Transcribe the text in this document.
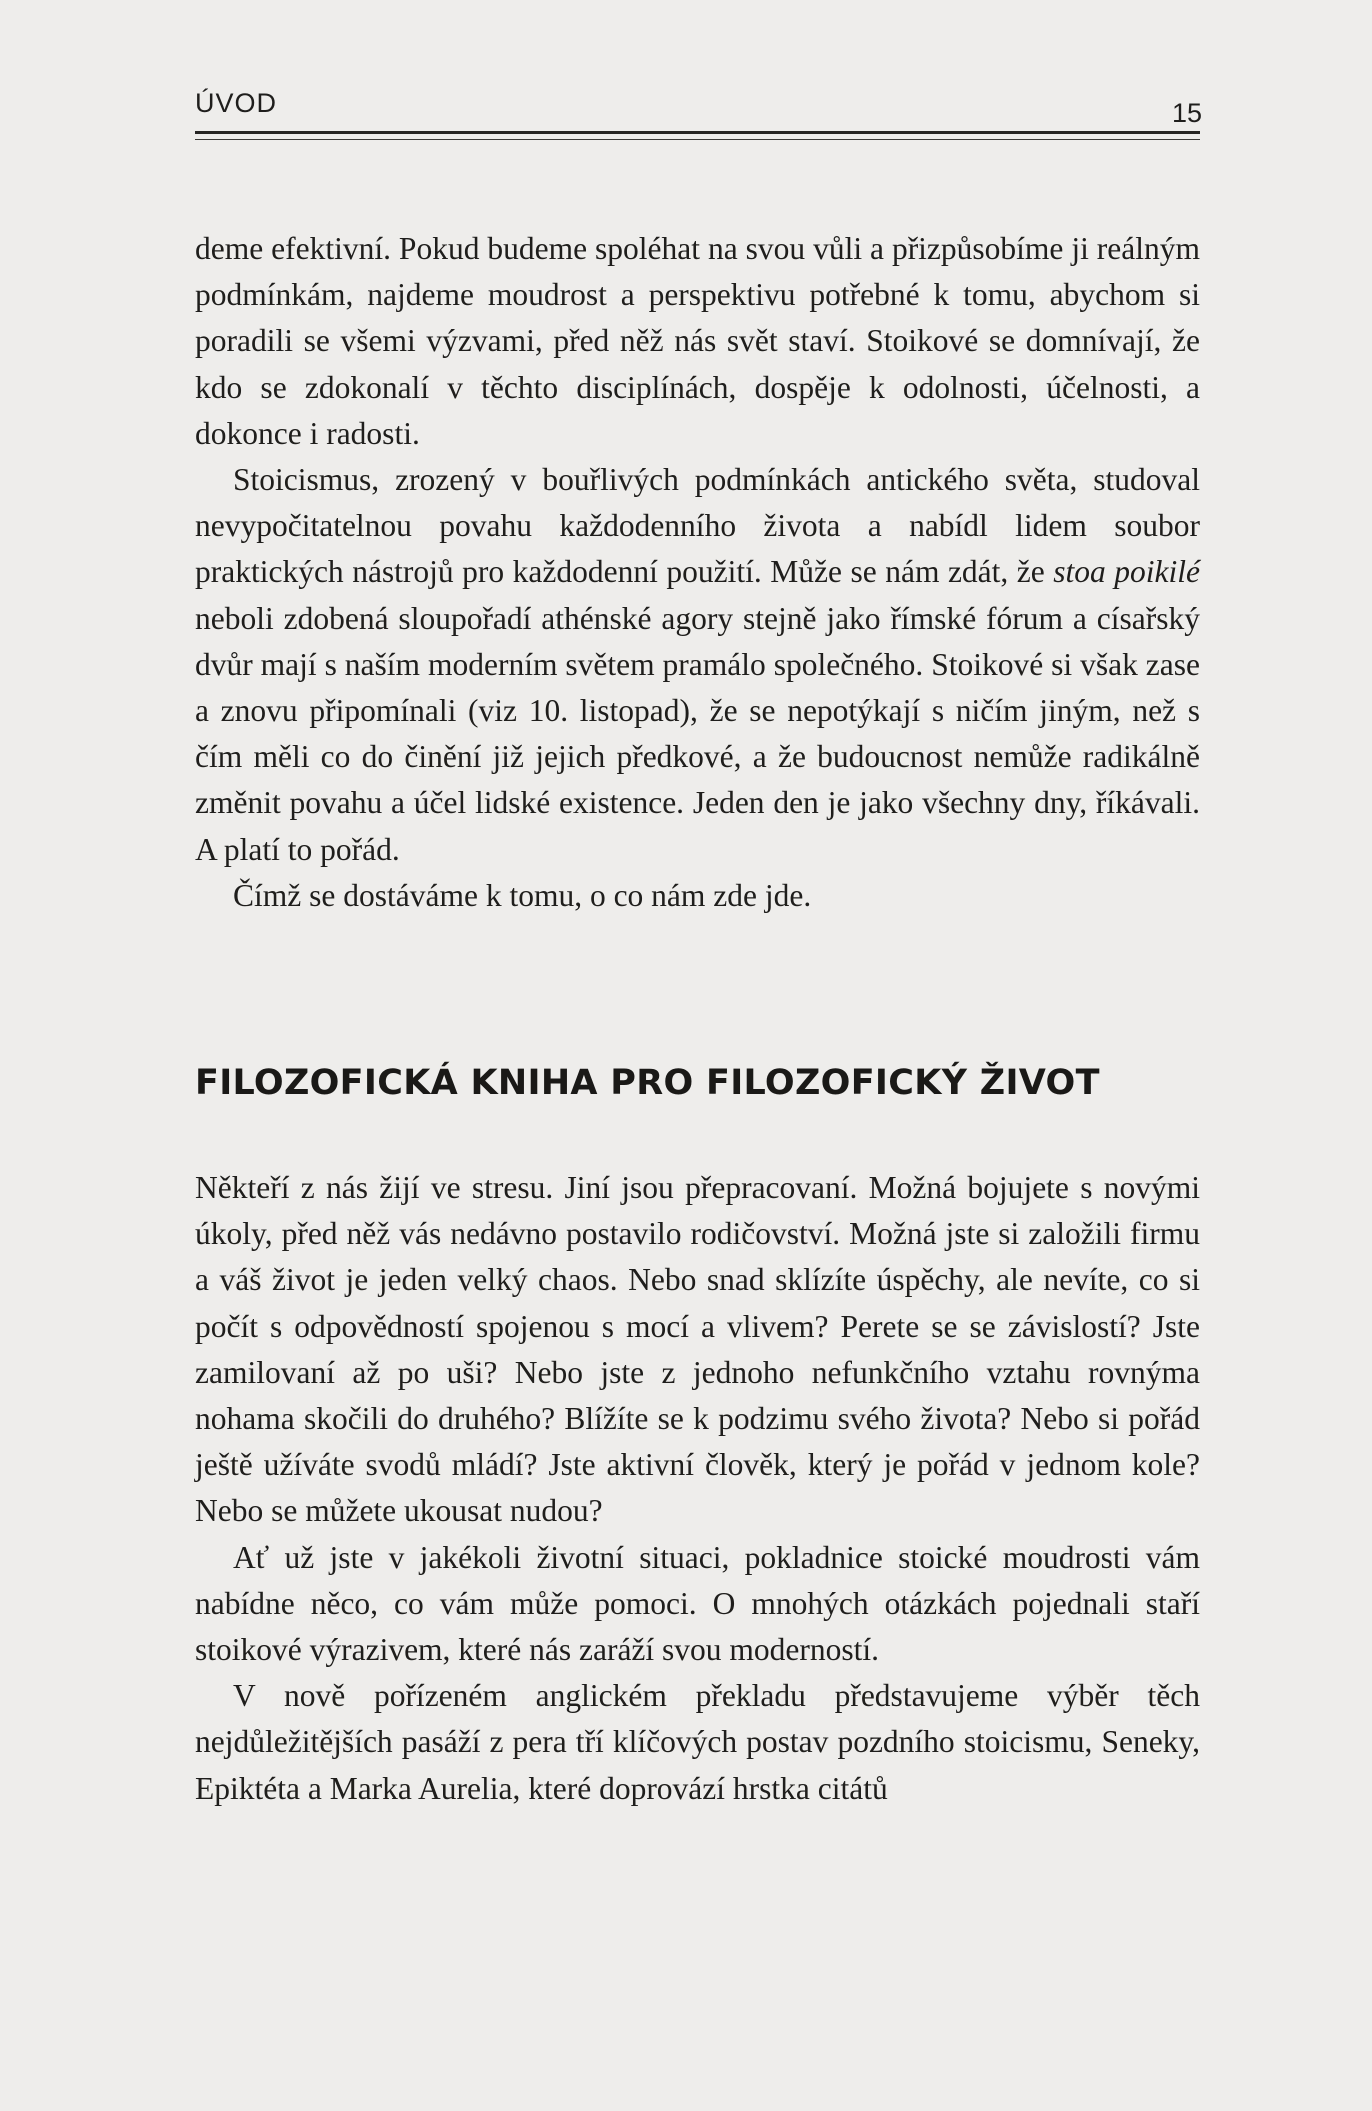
ÚVOD	15

deme efektivní. Pokud budeme spoléhat na svou vůli a přizpůsobíme ji reálným podmínkám, najdeme moudrost a perspektivu potřebné k tomu, abychom si poradili se všemi výzvami, před něž nás svět staví. Stoikové se domnívají, že kdo se zdokonalí v těchto disciplínách, dospěje k odolnosti, účelnosti, a dokonce i radosti.

Stoicismus, zrozený v bouřlivých podmínkách antického světa, studoval nevypočitatelnou povahu každodenního života a nabídl lidem soubor praktických nástrojů pro každodenní použití. Může se nám zdát, že stoa poikilé neboli zdobená sloupořadí athénské agory stejně jako římské fórum a císařský dvůr mají s naším moderním světem pramálo společného. Stoikové si však zase a znovu připomínali (viz 10. listopad), že se nepotýkají s ničím jiným, než s čím měli co do činění již jejich předkové, a že budoucnost nemůže radikálně změnit povahu a účel lidské existence. Jeden den je jako všechny dny, říkávali. A platí to pořád.

Čímž se dostáváme k tomu, o co nám zde jde.

FILOZOFICKÁ KNIHA PRO FILOZOFICKÝ ŽIVOT

Někteří z nás žijí ve stresu. Jiní jsou přepracovaní. Možná bojujete s novými úkoly, před něž vás nedávno postavilo rodičovství. Možná jste si založili firmu a váš život je jeden velký chaos. Nebo snad sklízíte úspěchy, ale nevíte, co si počít s odpovědností spojenou s mocí a vlivem? Perete se se závislostí? Jste zamilovaní až po uši? Nebo jste z jednoho nefunkčního vztahu rovnýma nohama skočili do druhého? Blížíte se k podzimu svého života? Nebo si pořád ještě užíváte svodů mládí? Jste aktivní člověk, který je pořád v jednom kole? Nebo se můžete ukousat nudou?

Ať už jste v jakékoli životní situaci, pokladnice stoické moudrosti vám nabídne něco, co vám může pomoci. O mnohých otázkách pojednali staří stoikové výrazivem, které nás zaráží svou moderností.

V nově pořízeném anglickém překladu představujeme výběr těch nejdůležitějších pasáží z pera tří klíčových postav pozdního stoicismu, Seneky, Epiktéta a Marka Aurelia, které doprovází hrstka citátů
